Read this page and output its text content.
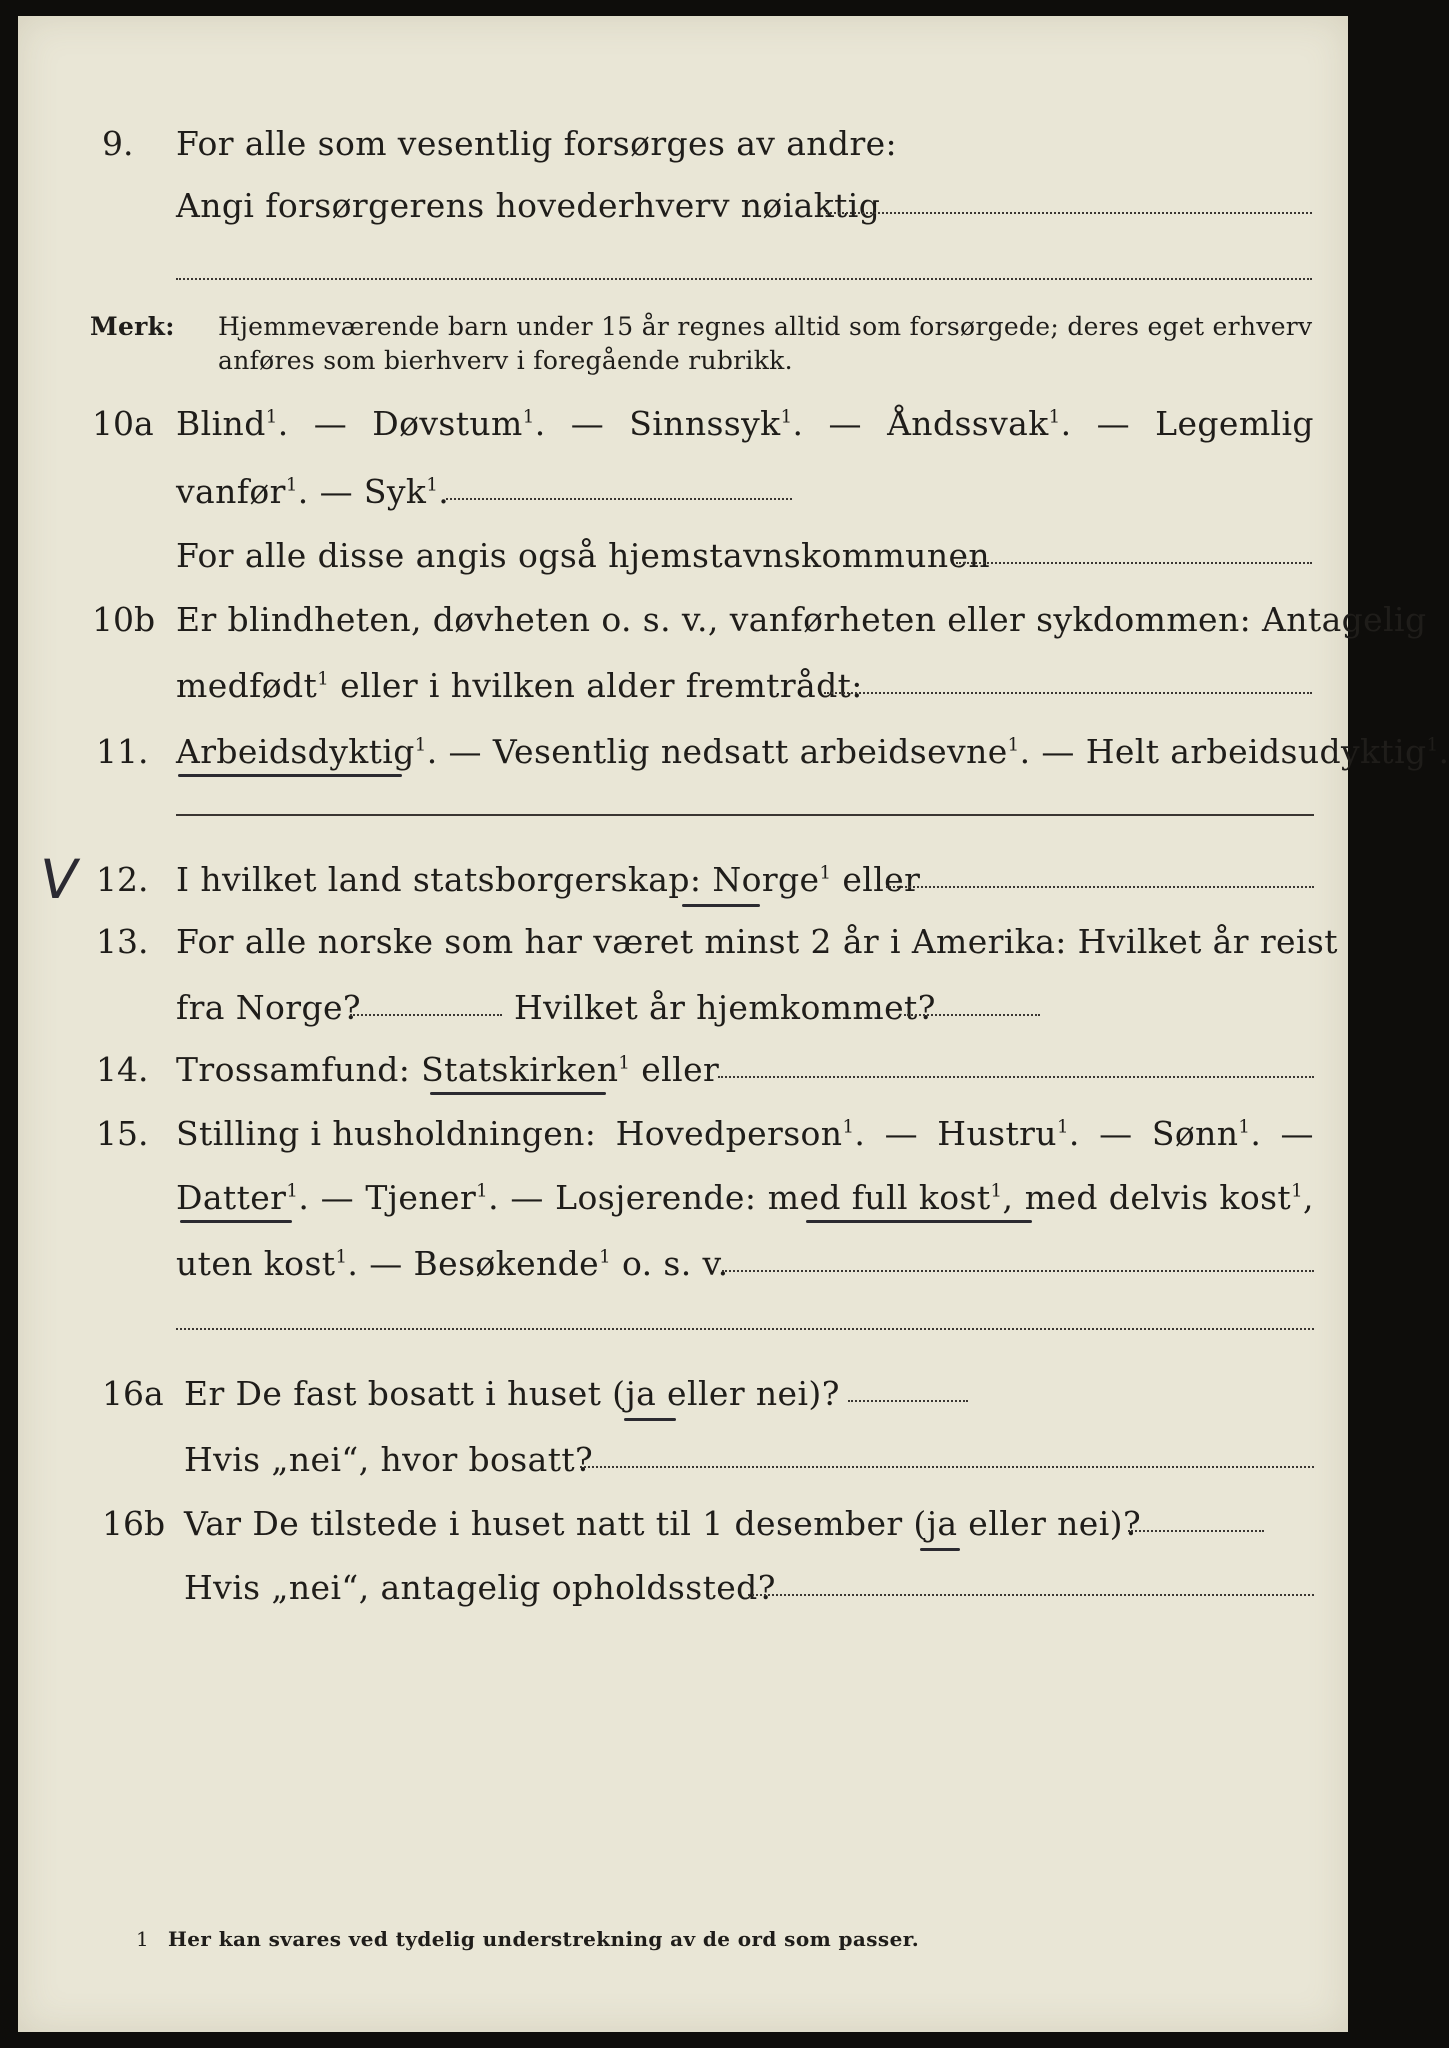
9. For alle som vesentlig forsørges av andre:
Angi forsørgerens hovederhverv nøiaktig
Merk: Hjemmeværende barn under 15 år regnes alltid som forsørgede; deres eget erhverv
anføres som bierhverv i foregående rubrikk.
10a Blind$^1$. — Døvstum$^1$. — Sinnssyk$^1$. — Åndssvak$^1$. — Legemlig
vanfør$^1$. — Syk$^1$.
For alle disse angis også hjemstavnskommunen
10b Er blindheten, døvheten o. s. v., vanførheten eller sykdommen: Antagelig
medfødt$^1$ eller i hvilken alder fremtrådt:
11. Arbeidsdyktig$^1$. — Vesentlig nedsatt arbeidsevne$^1$. — Helt arbeidsudyktig$^1$.
V 12. I hvilket land statsborgerskap: Norge$^1$ eller
13. For alle norske som har været minst 2 år i Amerika: Hvilket år reist
fra Norge?	Hvilket år hjemkommet?
14. Trossamfund: Statskirken$^1$ eller
15. Stilling i husholdningen: Hovedperson$^1$. — Hustru$^1$. — Sønn$^1$. —
Datter$^1$. — Tjener$^1$. — Losjerende: med full kost$^1$, med delvis kost$^1$,
uten kost$^1$. — Besøkende$^1$ o. s. v.
16a Er De fast bosatt i huset (ja eller nei)?
Hvis „nei“, hvor bosatt?
16b Var De tilstede i huset natt til 1 desember (ja eller nei)?
Hvis „nei“, antagelig opholdssted?
1 Her kan svares ved tydelig understrekning av de ord som passer.
